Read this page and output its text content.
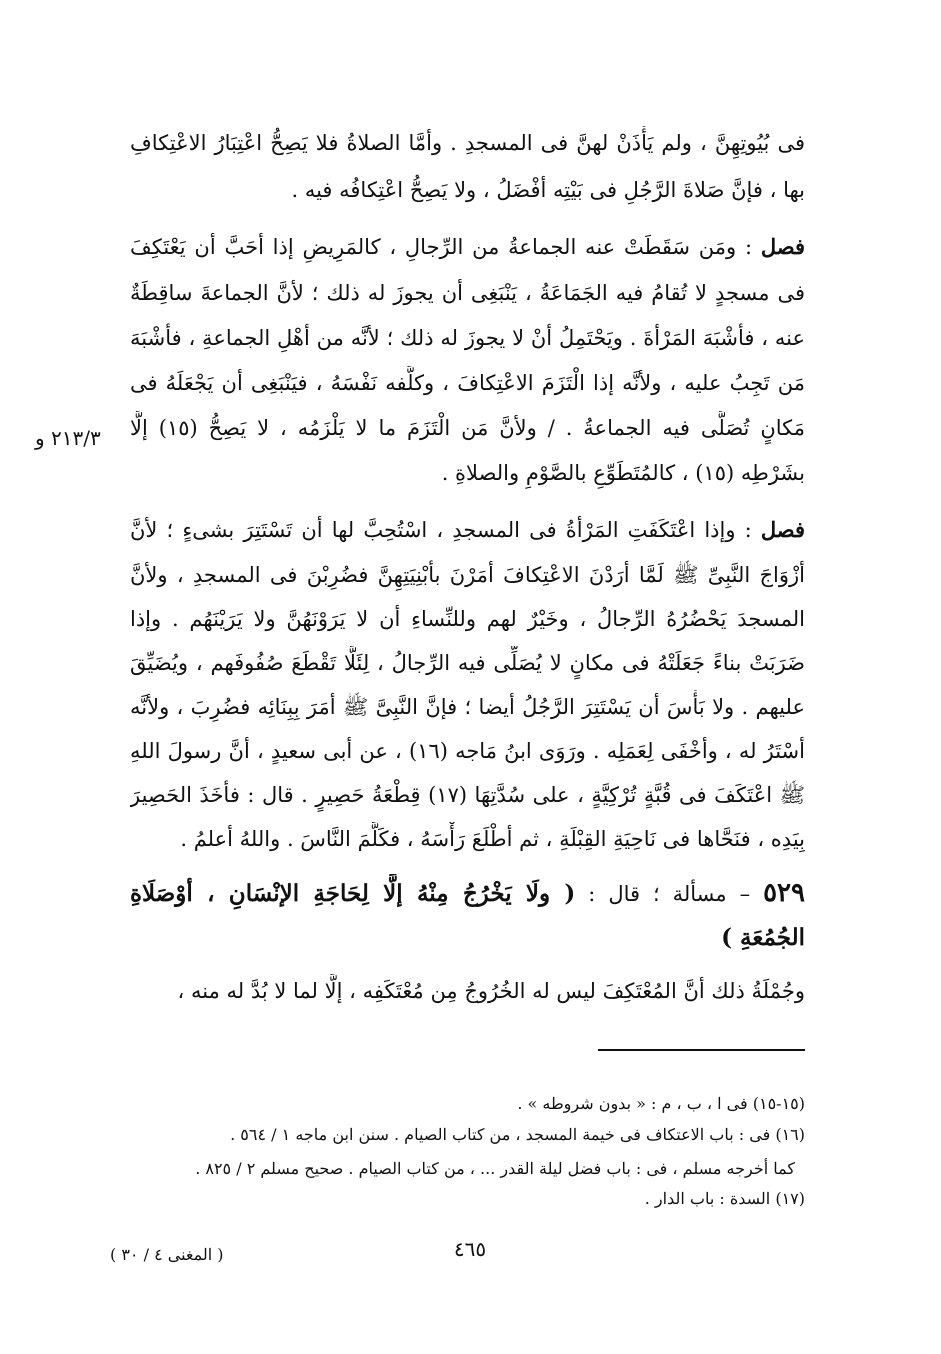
فى بُيُوتِهِنَّ ، ولم يَأْذَنْ لهنَّ فى المسجدِ . وأمَّا الصلاةُ فلا يَصِحُّ اعْتِبَارُ الاعْتِكافِ
بها ، فإنَّ صَلاةَ الرَّجُلِ فى بَيْتِه أفْضَلُ ، ولا يَصِحُّ اعْتِكافُه فيه .
فصل : ومَن سَقَطَتْ عنه الجماعةُ من الرِّجالِ ، كالمَرِيضِ إذا أحَبَّ أن يَعْتَكِفَ
فى مسجدٍ لا تُقامُ فيه الجَمَاعَةُ ، يَنْبَغِى أن يجوزَ له ذلك ؛ لأنَّ الجماعةَ ساقِطَةٌ
عنه ، فأشْبَهَ المَرْأةَ . ويَحْتَمِلُ أنْ لا يجوزَ له ذلك ؛ لأنَّه من أهْلِ الجماعةِ ، فأشْبَهَ
مَن تَجِبُ عليه ، ولأنَّه إذا الْتَزَمَ الاعْتِكافَ ، وكلَّفه نَفْسَهُ ، فيَنْبَغِى أن يَجْعَلَهُ فى
مَكانٍ تُصَلَّى فيه الجماعةُ . / ولأنَّ مَن الْتَزَمَ ما لا يَلْزَمُه ، لا يَصِحُّ (١٥) إلَّا
بشَرْطِه (١٥) ، كالمُتَطَوِّعِ بالصَّوْمِ والصلاةِ .
٢١٣/٣ و
فصل : وإذا اعْتَكَفَتِ المَرْأةُ فى المسجدِ ، اسْتُحِبَّ لها أن تَسْتَتِرَ بشىءٍ ؛ لأنَّ
أزْوَاجَ النَّبِىِّ ﷺ لَمَّا أرَدْنَ الاعْتِكافَ أمَرْنَ بأبْنِيَتِهِنَّ فضُرِبْنَ فى المسجدِ ، ولأنَّ
المسجدَ يَحْضُرُهُ الرِّجالُ ، وخَيْرٌ لهم وللنِّساءِ أن لا يَرَوْنَهُنَّ ولا يَرَيْنَهُم . وإذا
ضَرَبَتْ بناءً جَعَلَتْهُ فى مكانٍ لا يُصَلِّى فيه الرِّجالُ ، لِئَلَّا تَقْطَعَ صُفُوفَهم ، ويُضَيِّقَ
عليهم . ولا بَأْسَ أن يَسْتَتِرَ الرَّجُلُ أيضا ؛ فإنَّ النَّبِىَّ ﷺ أمَرَ بِبِنَائِه فضُرِبَ ، ولأنَّه
أسْتَرُ له ، وأخْفَى لِعَمَلِه . ورَوَى ابنُ مَاجه (١٦) ، عن أبى سعيدٍ ، أنَّ رسولَ اللهِ
ﷺ اعْتَكَفَ فى قُبَّةٍ تُرْكِيَّةٍ ، على سُدَّتِهَا (١٧) قِطْعَةُ حَصِيرٍ . قال : فأخَذَ الحَصِيرَ
بِيَدِه ، فنَحَّاها فى نَاحِيَةِ القِبْلَةِ ، ثم أطْلَعَ رَأْسَهُ ، فكَلَّمَ النَّاسَ . واللهُ أعلمُ .
٥٢٩ – مسألة ؛ قال : ( ولَا يَخْرُجُ مِنْهُ إلَّا لِحَاجَةِ الإنْسَانِ ، أوْصَلَاةِ
الجُمُعَةِ )
وجُمْلَةُ ذلك أنَّ المُعْتَكِفَ ليس له الخُرُوجُ مِن مُعْتَكَفِه ، إلَّا لما لا بُدَّ له منه ،
(١٥-١٥) فى ا ، ب ، م : « بدون شروطه » .
(١٦) فى : باب الاعتكاف فى خيمة المسجد ، من كتاب الصيام . سنن ابن ماجه ١ / ٥٦٤ .
كما أخرجه مسلم ، فى : باب فضل ليلة القدر ... ، من كتاب الصيام . صحيح مسلم ٢ / ٨٢٥ .
(١٧) السدة : باب الدار .
٤٦٥
( المغنى ٤ / ٣٠ )
